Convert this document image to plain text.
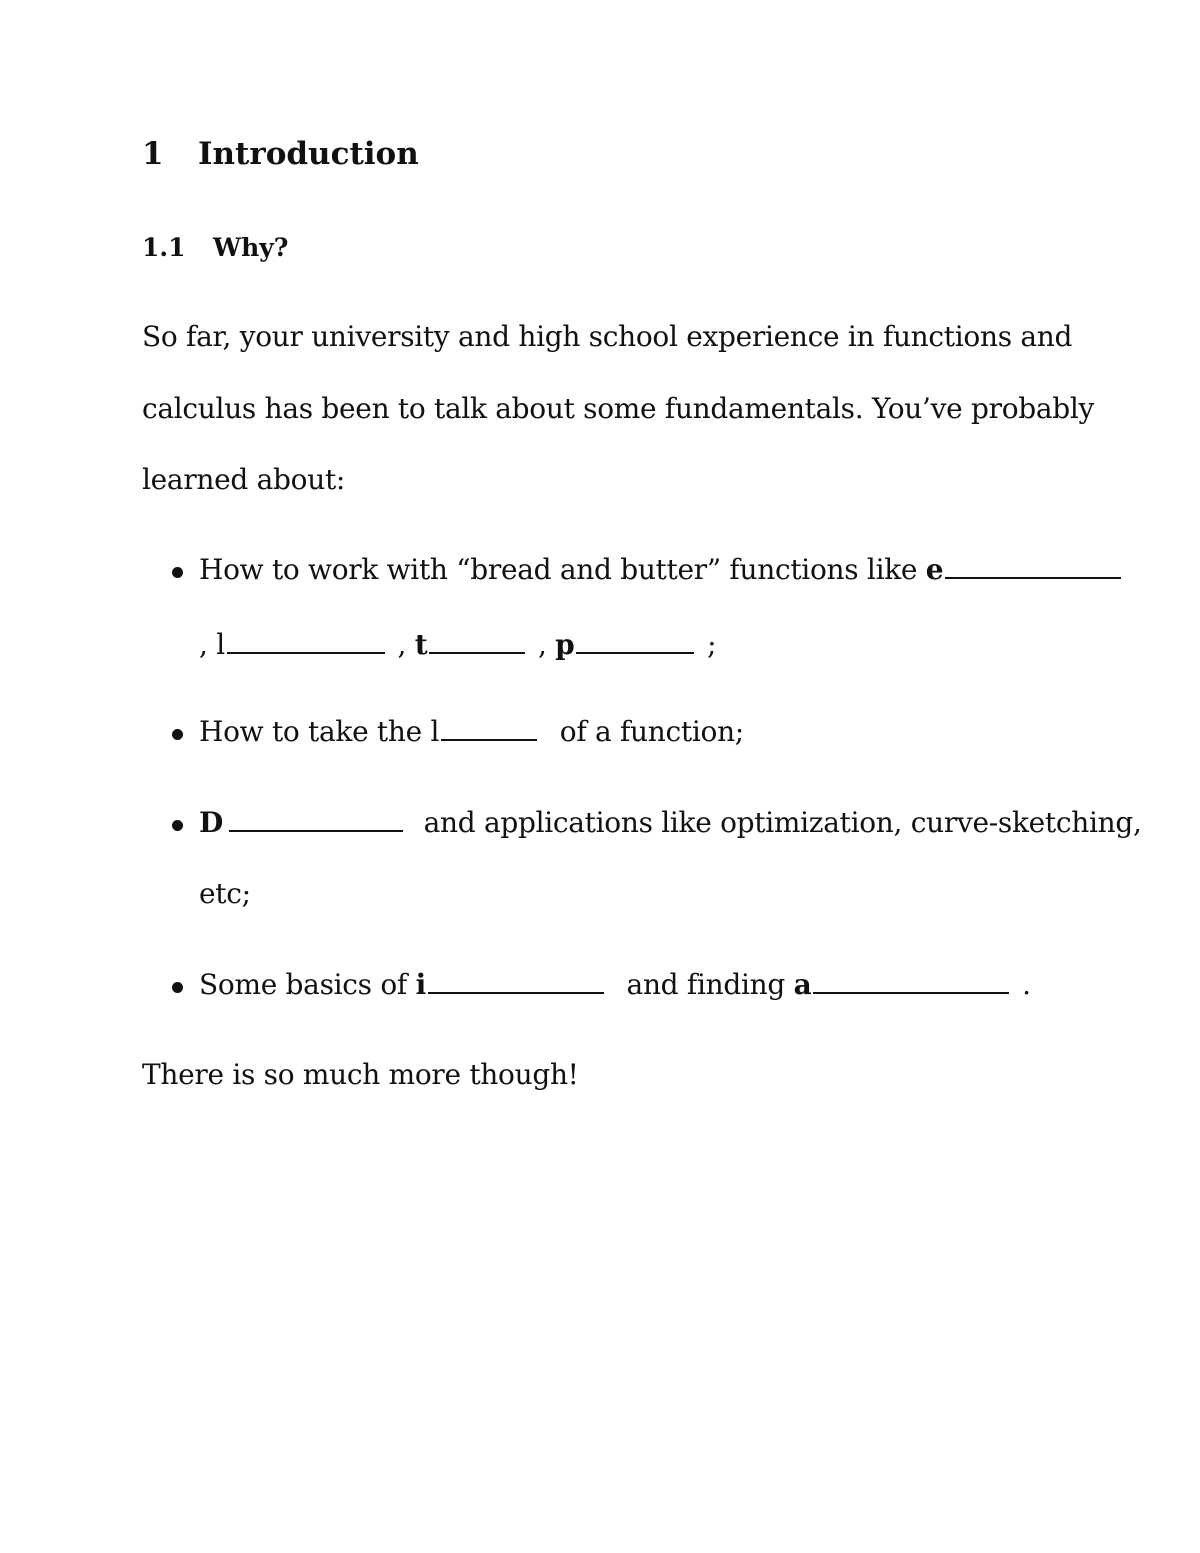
1 Introduction
1.1 Why?
So far, your university and high school experience in functions and
calculus has been to talk about some fundamentals. You’ve probably
learned about:
How to work with “bread and butter” functions like e
, l	, t	, p	;
How to take the l	of a function;
D	and applications like optimization, curve-sketching,
etc;
Some basics of i	and finding a	.
There is so much more though!
